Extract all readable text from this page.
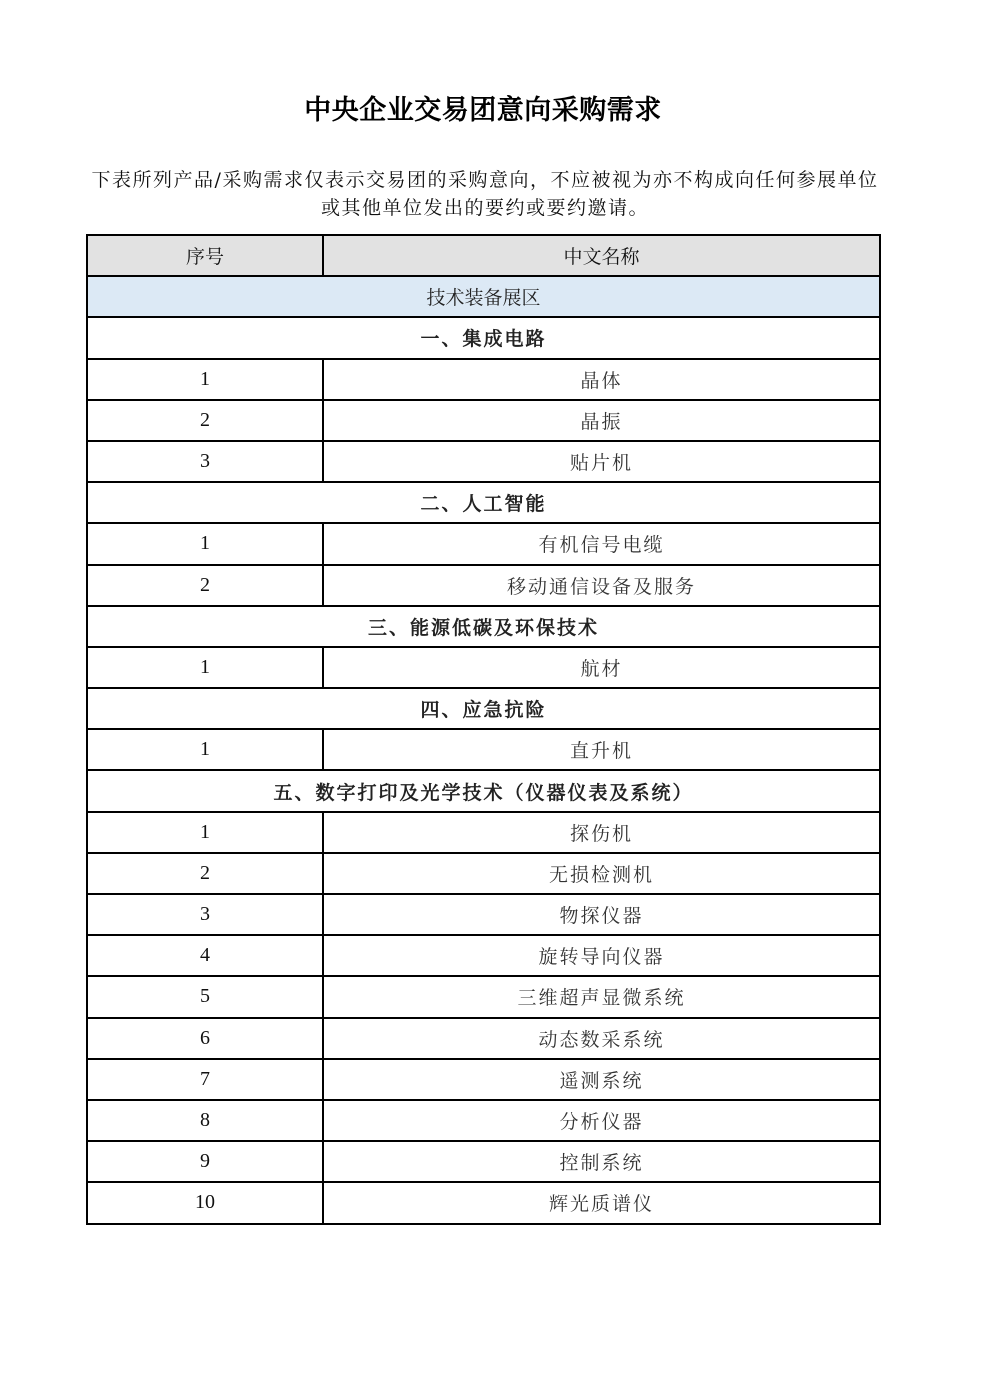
中央企业交易团意向采购需求
下表所列产品/采购需求仅表示交易团的采购意向，不应被视为亦不构成向任何参展单位或其他单位发出的要约或要约邀请。
序号	中文名称
技术装备展区	
一、集成电路	
1	晶体
2	晶振
3	贴片机
二、人工智能	
1	有机信号电缆
2	移动通信设备及服务
三、能源低碳及环保技术	
1	航材
四、应急抗险	
1	直升机
五、数字打印及光学技术（仪器仪表及系统）	
1	探伤机
2	无损检测机
3	物探仪器
4	旋转导向仪器
5	三维超声显微系统
6	动态数采系统
7	遥测系统
8	分析仪器
9	控制系统
10	辉光质谱仪
